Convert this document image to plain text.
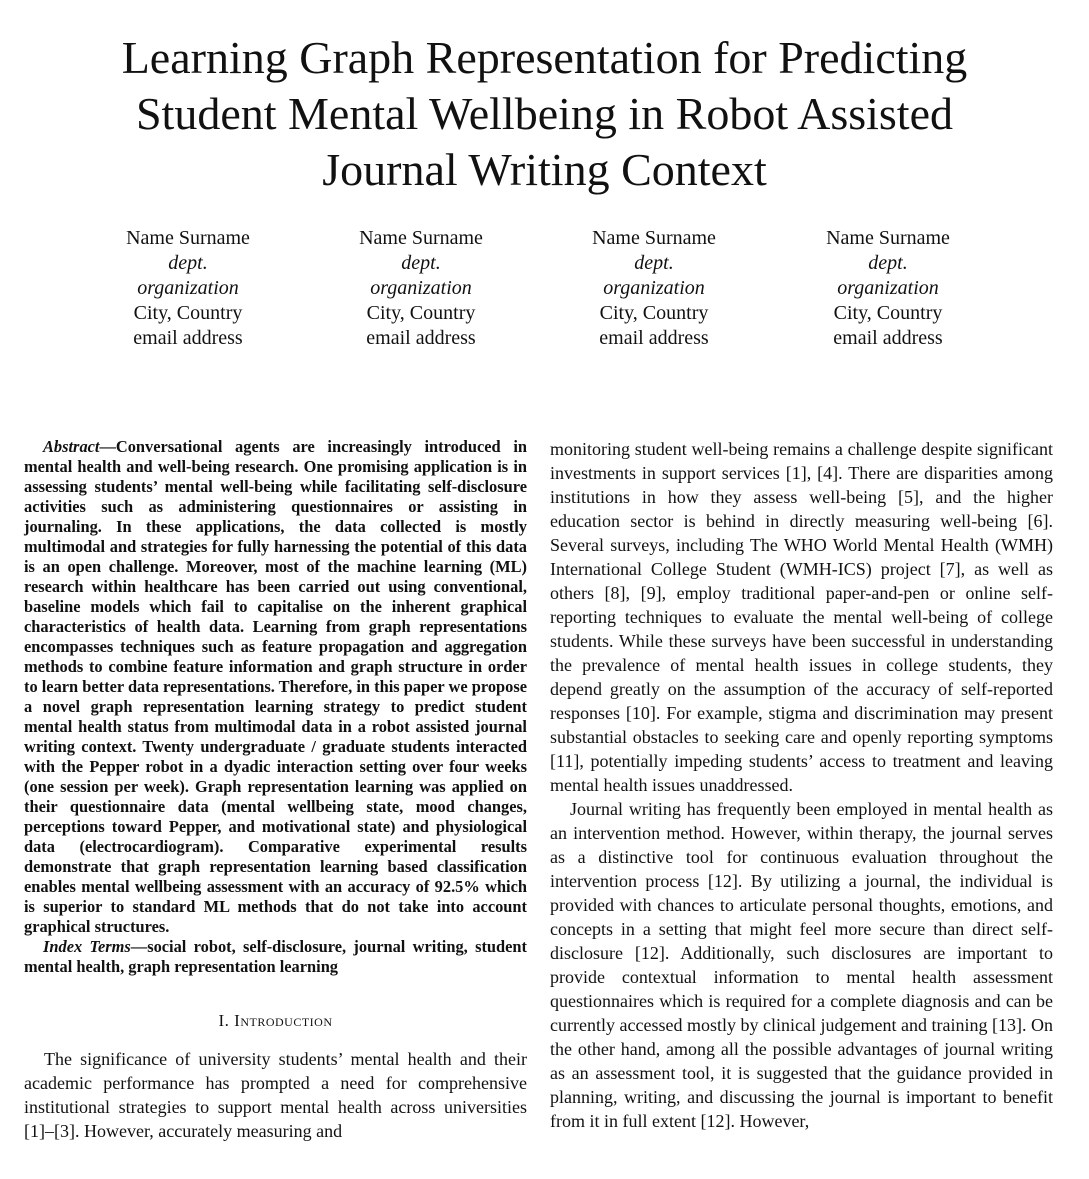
Learning Graph Representation for Predicting
Student Mental Wellbeing in Robot Assisted
Journal Writing Context
Name Surname
dept.
organization
City, Country
email address
Name Surname
dept.
organization
City, Country
email address
Name Surname
dept.
organization
City, Country
email address
Name Surname
dept.
organization
City, Country
email address

Abstract—Conversational agents are increasingly introduced in mental health and well-being research. One promising application is in assessing students’ mental well-being while facilitating self-disclosure activities such as administering questionnaires or assisting in journaling. In these applications, the data collected is mostly multimodal and strategies for fully harnessing the potential of this data is an open challenge. Moreover, most of the machine learning (ML) research within healthcare has been carried out using conventional, baseline models which fail to capitalise on the inherent graphical characteristics of health data. Learning from graph representations encompasses techniques such as feature propagation and aggregation methods to combine feature information and graph structure in order to learn better data representations. Therefore, in this paper we propose a novel graph representation learning strategy to predict student mental health status from multimodal data in a robot assisted journal writing context. Twenty undergraduate / graduate students interacted with the Pepper robot in a dyadic interaction setting over four weeks (one session per week). Graph representation learning was applied on their questionnaire data (mental wellbeing state, mood changes, perceptions toward Pepper, and motivational state) and physiological data (electrocardiogram). Comparative experimental results demonstrate that graph representation learning based classification enables mental wellbeing assessment with an accuracy of 92.5% which is superior to standard ML methods that do not take into account graphical structures.

Index Terms—social robot, self-disclosure, journal writing, student mental health, graph representation learning

I. Introduction

The significance of university students’ mental health and their academic performance has prompted a need for comprehensive institutional strategies to support mental health across universities [1]–[3]. However, accurately measuring and

monitoring student well-being remains a challenge despite significant investments in support services [1], [4]. There are disparities among institutions in how they assess well-being [5], and the higher education sector is behind in directly measuring well-being [6]. Several surveys, including The WHO World Mental Health (WMH) International College Student (WMH-ICS) project [7], as well as others [8], [9], employ traditional paper-and-pen or online self-reporting techniques to evaluate the mental well-being of college students. While these surveys have been successful in understanding the prevalence of mental health issues in college students, they depend greatly on the assumption of the accuracy of self-reported responses [10]. For example, stigma and discrimination may present substantial obstacles to seeking care and openly reporting symptoms [11], potentially impeding students’ access to treatment and leaving mental health issues unaddressed.

Journal writing has frequently been employed in mental health as an intervention method. However, within therapy, the journal serves as a distinctive tool for continuous evaluation throughout the intervention process [12]. By utilizing a journal, the individual is provided with chances to articulate personal thoughts, emotions, and concepts in a setting that might feel more secure than direct self-disclosure [12]. Additionally, such disclosures are important to provide contextual information to mental health assessment questionnaires which is required for a complete diagnosis and can be currently accessed mostly by clinical judgement and training [13]. On the other hand, among all the possible advantages of journal writing as an assessment tool, it is suggested that the guidance provided in planning, writing, and discussing the journal is important to benefit from it in full extent [12]. However,
